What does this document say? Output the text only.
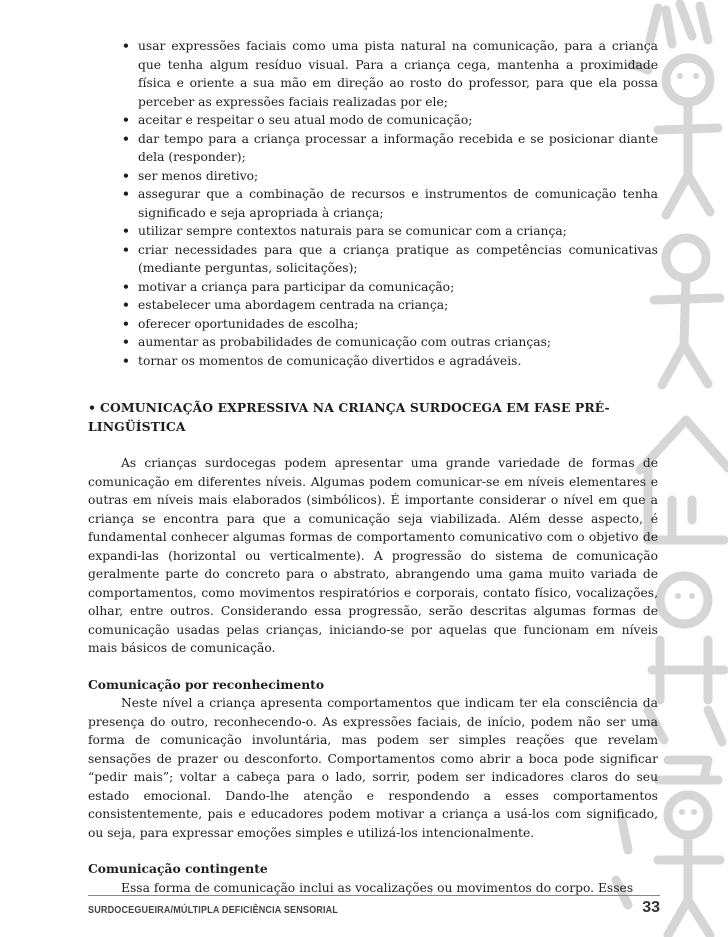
• usar expressões faciais como uma pista natural na comunicação, para a criança que tenha algum resíduo visual. Para a criança cega, mantenha a proximidade física e oriente a sua mão em direção ao rosto do professor, para que ela possa perceber as expressões faciais realizadas por ele;
• aceitar e respeitar o seu atual modo de comunicação;
• dar tempo para a criança processar a informação recebida e se posicionar diante dela (responder);
• ser menos diretivo;
• assegurar que a combinação de recursos e instrumentos de comunicação tenha significado e seja apropriada à criança;
• utilizar sempre contextos naturais para se comunicar com a criança;
• criar necessidades para que a criança pratique as competências comunicativas (mediante perguntas, solicitações);
• motivar a criança para participar da comunicação;
• estabelecer uma abordagem centrada na criança;
• oferecer oportunidades de escolha;
• aumentar as probabilidades de comunicação com outras crianças;
• tornar os momentos de comunicação divertidos e agradáveis.
• COMUNICAÇÃO EXPRESSIVA NA CRIANÇA SURDOCEGA EM FASE PRÉ-LINGÜÍSTICA

As crianças surdocegas podem apresentar uma grande variedade de formas de comunicação em diferentes níveis. Algumas podem comunicar-se em níveis elementares e outras em níveis mais elaborados (simbólicos). É importante considerar o nível em que a criança se encontra para que a comunicação seja viabilizada. Além desse aspecto, é fundamental conhecer algumas formas de comportamento comunicativo com o objetivo de expandi-las (horizontal ou verticalmente). A progressão do sistema de comunicação geralmente parte do concreto para o abstrato, abrangendo uma gama muito variada de comportamentos, como movimentos respiratórios e corporais, contato físico, vocalizações, olhar, entre outros. Considerando essa progressão, serão descritas algumas formas de comunicação usadas pelas crianças, iniciando-se por aquelas que funcionam em níveis mais básicos de comunicação.

Comunicação por reconhecimento

Neste nível a criança apresenta comportamentos que indicam ter ela consciência da presença do outro, reconhecendo-o. As expressões faciais, de início, podem não ser uma forma de comunicação involuntária, mas podem ser simples reações que revelam sensações de prazer ou desconforto. Comportamentos como abrir a boca pode significar “pedir mais”; voltar a cabeça para o lado, sorrir, podem ser indicadores claros do seu estado emocional. Dando-lhe atenção e respondendo a esses comportamentos consistentemente, pais e educadores podem motivar a criança a usá-los com significado, ou seja, para expressar emoções simples e utilizá-los intencionalmente.

Comunicação contingente

Essa forma de comunicação inclui as vocalizações ou movimentos do corpo. Esses

SURDOCEGUEIRA/MÚLTIPLA DEFICIÊNCIA SENSORIAL	33
